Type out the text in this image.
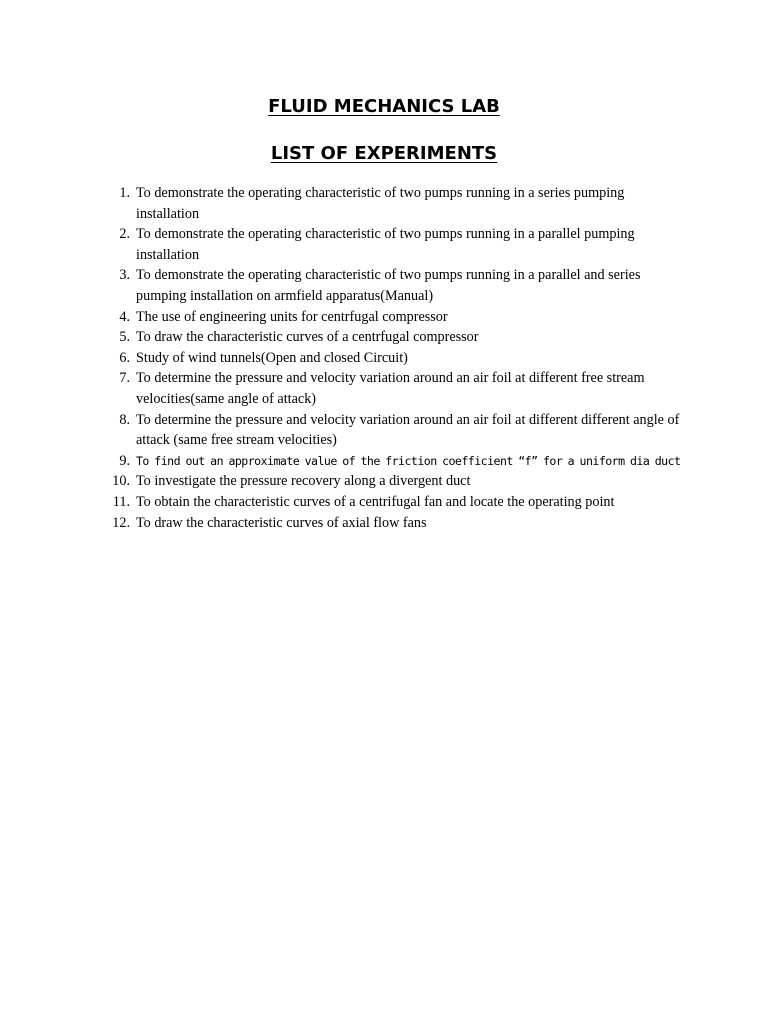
FLUID MECHANICS LAB
LIST OF EXPERIMENTS
1. To demonstrate the operating characteristic of two pumps running in a series pumping installation
2. To demonstrate the operating characteristic of two pumps running in a parallel pumping installation
3. To demonstrate the operating characteristic of two pumps running in a parallel and series pumping installation on armfield apparatus(Manual)
4. The use of engineering units for centrfugal compressor
5. To draw the characteristic curves of a centrfugal compressor
6. Study of wind tunnels(Open and closed Circuit)
7. To determine the pressure and velocity variation around an air foil at different free stream velocities(same angle of attack)
8. To determine the pressure and velocity variation around an air foil at different different angle of attack (same free stream velocities)
9. To find out an approximate value of the friction coefficient “f” for a uniform dia duct
10. To investigate the pressure recovery along a divergent duct
11. To obtain the characteristic curves of a centrifugal fan and locate the operating point
12. To draw the characteristic curves of axial flow fans
